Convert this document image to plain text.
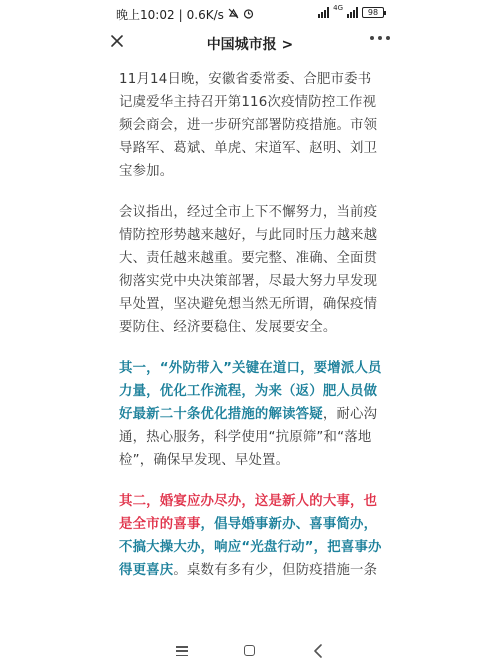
晚上10:02 | 0.6K/s	4G	98
中国城市报 >

11月14日晚，安徽省委常委、合肥市委书记虞爱华主持召开第116次疫情防控工作视频会商会，进一步研究部署防疫措施。市领导路军、葛斌、单虎、宋道军、赵明、刘卫宝参加。

会议指出，经过全市上下不懈努力，当前疫情防控形势越来越好，与此同时压力越来越大、责任越来越重。要完整、准确、全面贯彻落实党中央决策部署，尽最大努力早发现早处置，坚决避免想当然无所谓，确保疫情要防住、经济要稳住、发展要安全。

其一，“外防带入”关键在道口，要增派人员力量，优化工作流程，为来（返）肥人员做好最新二十条优化措施的解读答疑，耐心沟通，热心服务，科学使用“抗原筛”和“落地检”，确保早发现、早处置。

其二，婚宴应办尽办，这是新人的大事，也是全市的喜事，倡导婚事新办、喜事简办，不搞大操大办，响应“光盘行动”，把喜事办得更喜庆。桌数有多有少，但防疫措施一条
